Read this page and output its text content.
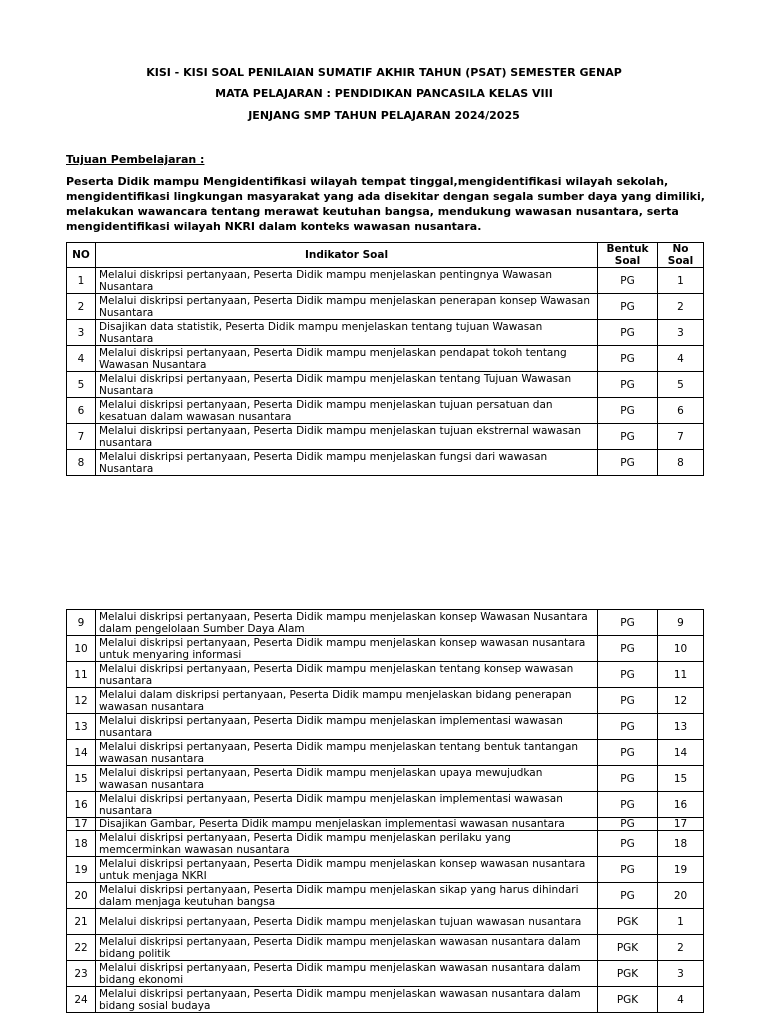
KISI - KISI SOAL PENILAIAN SUMATIF AKHIR TAHUN (PSAT) SEMESTER GENAP
MATA PELAJARAN : PENDIDIKAN PANCASILA KELAS VIII
JENJANG SMP TAHUN PELAJARAN 2024/2025
Tujuan Pembelajaran :
Peserta Didik mampu Mengidentifikasi wilayah tempat tinggal,mengidentifikasi wilayah sekolah, mengidentifikasi lingkungan masyarakat yang ada disekitar dengan segala sumber daya yang dimiliki, melakukan wawancara tentang merawat keutuhan bangsa, mendukung wawasan nusantara, serta mengidentifikasi wilayah NKRI dalam konteks wawasan nusantara.
NO	Indikator Soal	Bentuk Soal	No Soal
1	Melalui diskripsi pertanyaan, Peserta Didik mampu menjelaskan pentingnya Wawasan Nusantara	PG	1
2	Melalui diskripsi pertanyaan, Peserta Didik mampu menjelaskan penerapan konsep Wawasan Nusantara	PG	2
3	Disajikan data statistik, Peserta Didik mampu menjelaskan tentang tujuan Wawasan Nusantara	PG	3
4	Melalui diskripsi pertanyaan, Peserta Didik mampu menjelaskan pendapat tokoh tentang Wawasan Nusantara	PG	4
5	Melalui diskripsi pertanyaan, Peserta Didik mampu menjelaskan tentang Tujuan Wawasan Nusantara	PG	5
6	Melalui diskripsi pertanyaan, Peserta Didik mampu menjelaskan tujuan persatuan dan kesatuan dalam wawasan nusantara	PG	6
7	Melalui diskripsi pertanyaan, Peserta Didik mampu menjelaskan tujuan ekstrernal wawasan nusantara	PG	7
8	Melalui diskripsi pertanyaan, Peserta Didik mampu menjelaskan fungsi dari wawasan Nusantara	PG	8
9	Melalui diskripsi pertanyaan, Peserta Didik mampu menjelaskan konsep Wawasan Nusantara dalam pengelolaan Sumber Daya Alam	PG	9
10	Melalui diskripsi pertanyaan, Peserta Didik mampu menjelaskan konsep wawasan nusantara untuk menyaring informasi	PG	10
11	Melalui diskripsi pertanyaan, Peserta Didik mampu menjelaskan tentang konsep wawasan nusantara	PG	11
12	Melalui dalam diskripsi pertanyaan, Peserta Didik mampu menjelaskan bidang penerapan wawasan nusantara	PG	12
13	Melalui diskripsi pertanyaan, Peserta Didik mampu menjelaskan implementasi wawasan nusantara	PG	13
14	Melalui diskripsi pertanyaan, Peserta Didik mampu menjelaskan tentang bentuk tantangan wawasan nusantara	PG	14
15	Melalui diskripsi pertanyaan, Peserta Didik mampu menjelaskan upaya mewujudkan wawasan nusantara	PG	15
16	Melalui diskripsi pertanyaan, Peserta Didik mampu menjelaskan implementasi wawasan nusantara	PG	16
17	Disajikan Gambar, Peserta Didik mampu menjelaskan implementasi wawasan nusantara	PG	17
18	Melalui diskripsi pertanyaan, Peserta Didik mampu menjelaskan perilaku yang memcerminkan wawasan nusantara	PG	18
19	Melalui diskripsi pertanyaan, Peserta Didik mampu menjelaskan konsep wawasan nusantara untuk menjaga NKRI	PG	19
20	Melalui diskripsi pertanyaan, Peserta Didik mampu menjelaskan sikap yang harus dihindari dalam menjaga keutuhan bangsa	PG	20
21	Melalui diskripsi pertanyaan, Peserta Didik mampu menjelaskan tujuan wawasan nusantara	PGK	1
22	Melalui diskripsi pertanyaan, Peserta Didik mampu menjelaskan wawasan nusantara dalam bidang politik	PGK	2
23	Melalui diskripsi pertanyaan, Peserta Didik mampu menjelaskan wawasan nusantara dalam bidang ekonomi	PGK	3
24	Melalui diskripsi pertanyaan, Peserta Didik mampu menjelaskan wawasan nusantara dalam bidang sosial budaya	PGK	4
